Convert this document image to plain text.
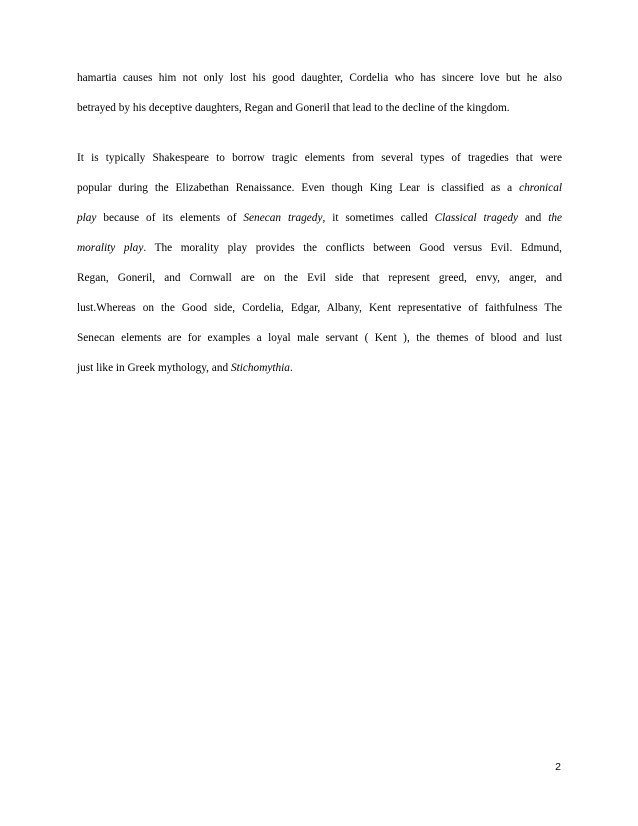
hamartia causes him not only lost his good daughter, Cordelia who has sincere love but he also
betrayed by his deceptive daughters, Regan and Goneril that lead to the decline of the kingdom.
It is typically Shakespeare to borrow tragic elements from several types of tragedies that were
popular during the Elizabethan Renaissance. Even though King Lear is classified as a chronical
play because of its elements of Senecan tragedy, it sometimes called Classical tragedy and the
morality play. The morality play provides the conflicts between Good versus Evil. Edmund,
Regan, Goneril, and Cornwall are on the Evil side that represent greed, envy, anger, and
lust.Whereas on the Good side, Cordelia, Edgar, Albany, Kent representative of faithfulness The
Senecan elements are for examples a loyal male servant ( Kent ), the themes of blood and lust
just like in Greek mythology, and Stichomythia.
2
